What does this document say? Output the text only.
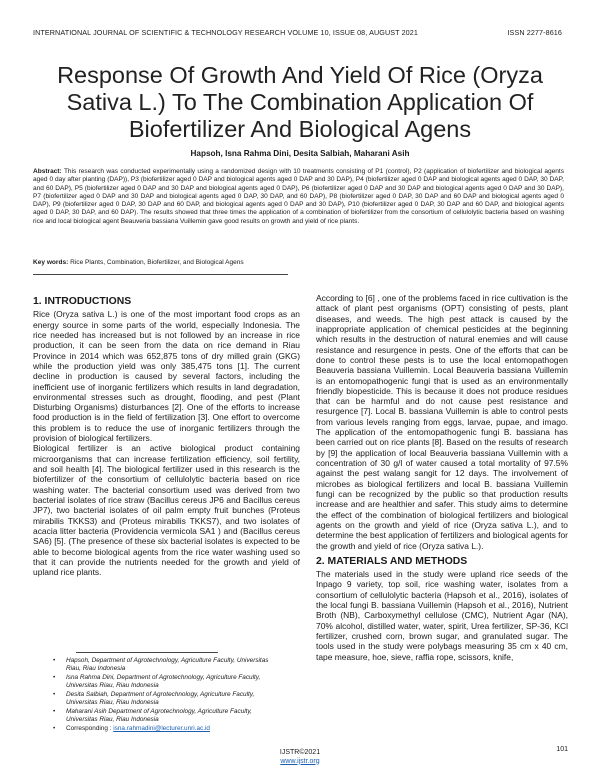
INTERNATIONAL JOURNAL OF SCIENTIFIC & TECHNOLOGY RESEARCH VOLUME 10, ISSUE 08, AUGUST 2021	ISSN 2277-8616
Response Of Growth And Yield Of Rice (Oryza Sativa L.) To The Combination Application Of Biofertilizer And Biological Agens
Hapsoh, Isna Rahma Dini, Desita Salbiah, Maharani Asih
Abstract: This research was conducted experimentally using a randomized design with 10 treatments consisting of P1 (control), P2 (application of biofertilizer and biological agents aged 0 day after planting (DAP)), P3 (biofertilizer aged 0 DAP and biological agents aged 0 DAP and 30 DAP), P4 (biofertilizer aged 0 DAP and biological agents aged 0 DAP, 30 DAP, and 60 DAP), P5 (biofertilizer aged 0 DAP and 30 DAP and biological agents aged 0 DAP), P6 (biofertilizer aged 0 DAP and 30 DAP and biological agents aged 0 DAP and 30 DAP), P7 (biofertilizer aged 0 DAP and 30 DAP and biological agents aged 0 DAP, 30 DAP, and 60 DAP), P8 (biofertilizer aged 0 DAP, 30 DAP and 60 DAP and biological agents aged 0 DAP), P9 (biofertilizer aged 0 DAP, 30 DAP and 60 DAP, and biological agents aged 0 DAP and 30 DAP), P10 (biofertilizer aged 0 DAP, 30 DAP and 60 DAP, and biological agents aged 0 DAP, 30 DAP, and 60 DAP). The results showed that three times the application of a combination of biofertilizer from the consortium of cellulolytic bacteria based on washing rice and local biological agent Beauveria bassiana Vuillemin gave good results on growth and yield of rice plants.
Key words: Rice Plants, Combination, Biofertilizer, and Biological Agens
1. INTRODUCTIONS

Rice (Oryza sativa L.) is one of the most important food crops as an energy source in some parts of the world, especially Indonesia. The rice needed has increased but is not followed by an increase in rice production, it can be seen from the data on rice demand in Riau Province in 2014 which was 652,875 tons of dry milled grain (GKG) while the production yield was only 385,475 tons [1]. The current decline in production is caused by several factors, including the inefficient use of inorganic fertilizers which results in land degradation, environmental stresses such as drought, flooding, and pest (Plant Disturbing Organisms) disturbances [2]. One of the efforts to increase food production is in the field of fertilization [3]. One effort to overcome this problem is to reduce the use of inorganic fertilizers through the provision of biological fertilizers.

Biological fertilizer is an active biological product containing microorganisms that can increase fertilization efficiency, soil fertility, and soil health [4]. The biological fertilizer used in this research is the biofertilizer of the consortium of cellulolytic bacteria based on rice washing water. The bacterial consortium used was derived from two bacterial isolates of rice straw (Bacillus cereus JP6 and Bacillus cereus JP7), two bacterial isolates of oil palm empty fruit bunches (Proteus mirabilis TKKS3) and (Proteus mirabilis TKKS7), and two isolates of acacia litter bacteria (Providencia vermicola SA1 ) and (Bacillus cereus SA6) [5]. (The presence of these six bacterial isolates is expected to be able to become biological agents from the rice water washing used so that it can provide the nutrients needed for the growth and yield of upland rice plants.

According to [6] , one of the problems faced in rice cultivation is the attack of plant pest organisms (OPT) consisting of pests, plant diseases, and weeds. The high pest attack is caused by the inappropriate application of chemical pesticides at the beginning which results in the destruction of natural enemies and will cause resistance and resurgence in pests. One of the efforts that can be done to control these pests is to use the local entomopathogen Beauveria bassiana Vuillemin. Local Beauveria bassiana Vuillemin is an entomopathogenic fungi that is used as an environmentally friendly biopesticide. This is because it does not produce residues that can be harmful and do not cause pest resistance and resurgence [7]. Local B. bassiana Vuillemin is able to control pests from various levels ranging from eggs, larvae, pupae, and imago. The application of the entomopathogenic fungi B. bassiana has been carried out on rice plants [8]. Based on the results of research by [9] the application of local Beauveria bassiana Vuillemin with a concentration of 30 g/l of water caused a total mortality of 97.5% against the pest walang sangit for 12 days. The involvement of microbes as biological fertilizers and local B. bassiana Vuillemin fungi can be recognized by the public so that production results increase and are healthier and safer. This study aims to determine the effect of the combination of biological fertilizers and biological agents on the growth and yield of rice (Oryza sativa L.), and to determine the best application of fertilizers and biological agents for the growth and yield of rice (Oryza sativa L.).

2. MATERIALS AND METHODS

The materials used in the study were upland rice seeds of the Inpago 9 variety, top soil, rice washing water, isolates from a consortium of cellulolytic bacteria (Hapsoh et al., 2016), isolates of the local fungi B. bassiana Vuillemin (Hapsoh et al., 2016), Nutrient Broth (NB), Carboxymethyl cellulose (CMC), Nutrient Agar (NA), 70% alcohol, distilled water, water, spirit, Urea fertilizer, SP-36, KCl fertilizer, crushed corn, brown sugar, and granulated sugar. The tools used in the study were polybags measuring 35 cm x 40 cm, tape measure, hoe, sieve, raffia rope, scissors, knife,

• Hapsoh, Department of Agrotechnology, Agriculture Faculty, Universitas Riau, Riau Indonesia
• Isna Rahma Dini, Department of Agrotechnology, Agriculture Faculty, Universitas Riau, Riau Indonesia
• Desita Salbiah, Department of Agrotechnology, Agriculture Faculty, Universitas Riau, Riau Indonesia
• Maharani Asih Department of Agrotechnology, Agriculture Faculty, Universitas Riau, Riau Indonesia
• Corresponding : isna.rahmadini@lecturer.unri.ac.id
101
IJSTR©2021
www.ijstr.org
